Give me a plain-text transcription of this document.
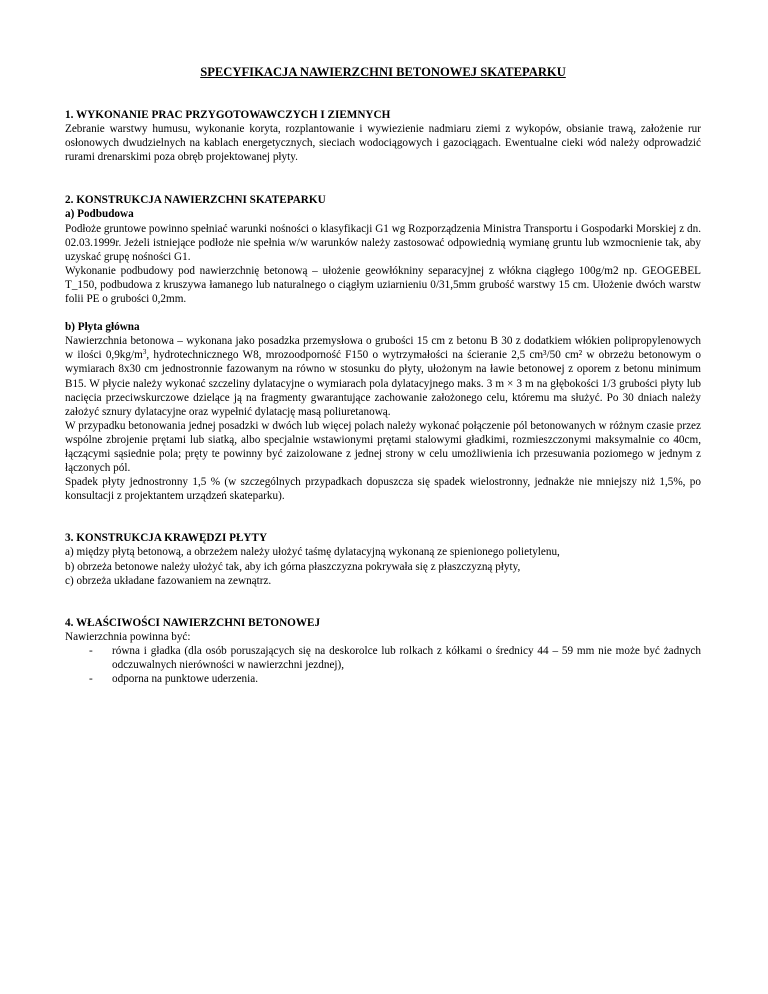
SPECYFIKACJA NAWIERZCHNI BETONOWEJ SKATEPARKU

1. WYKONANIE PRAC PRZYGOTOWAWCZYCH I ZIEMNYCH

Zebranie warstwy humusu, wykonanie koryta, rozplantowanie i wywiezienie nadmiaru ziemi z wykopów, obsianie trawą, założenie rur osłonowych dwudzielnych na kablach energetycznych, sieciach wodociągowych i gazociągach. Ewentualne cieki wód należy odprowadzić rurami drenarskimi poza obręb projektowanej płyty.

2. KONSTRUKCJA NAWIERZCHNI SKATEPARKU

a) Podbudowa

Podłoże gruntowe powinno spełniać warunki nośności o klasyfikacji G1 wg Rozporządzenia Ministra Transportu i Gospodarki Morskiej z dn. 02.03.1999r. Jeżeli istniejące podłoże nie spełnia w/w warunków należy zastosować odpowiednią wymianę gruntu lub wzmocnienie tak, aby uzyskać grupę nośności G1.

Wykonanie podbudowy pod nawierzchnię betonową – ułożenie geowłókniny separacyjnej z włókna ciągłego 100g/m2 np. GEOGEBEL T_150, podbudowa z kruszywa łamanego lub naturalnego o ciągłym uziarnieniu 0/31,5mm grubość warstwy 15 cm. Ułożenie dwóch warstw folii PE o grubości 0,2mm.

b) Płyta główna

Nawierzchnia betonowa – wykonana jako posadzka przemysłowa o grubości 15 cm z betonu B 30 z dodatkiem włókien polipropylenowych w ilości $0,9kg/m^3$, hydrotechnicznego W8, mrozoodporność F150 o wytrzymałości na ścieranie 2,5 cm³/50 cm² w obrzeżu betonowym o wymiarach 8x30 cm jednostronnie fazowanym na równo w stosunku do płyty, ułożonym na ławie betonowej z oporem z betonu minimum B15. W płycie należy wykonać szczeliny dylatacyjne o wymiarach pola dylatacyjnego maks. 3 m × 3 m na głębokości 1/3 grubości płyty lub nacięcia przeciwskurczowe dzielące ją na fragmenty gwarantujące zachowanie założonego celu, któremu ma służyć. Po 30 dniach należy założyć sznury dylatacyjne oraz wypełnić dylatację masą poliuretanową.

W przypadku betonowania jednej posadzki w dwóch lub więcej polach należy wykonać połączenie pól betonowanych w różnym czasie przez wspólne zbrojenie prętami lub siatką, albo specjalnie wstawionymi prętami stalowymi gładkimi, rozmieszczonymi maksymalnie co 40cm, łączącymi sąsiednie pola; pręty te powinny być zaizolowane z jednej strony w celu umożliwienia ich przesuwania poziomego w jednym z łączonych pól.

Spadek płyty jednostronny 1,5 % (w szczególnych przypadkach dopuszcza się spadek wielostronny, jednakże nie mniejszy niż 1,5%, po konsultacji z projektantem urządzeń skateparku).

3. KONSTRUKCJA KRAWĘDZI PŁYTY

a) między płytą betonową, a obrzeżem należy ułożyć taśmę dylatacyjną wykonaną ze spienionego polietylenu,

b) obrzeża betonowe należy ułożyć tak, aby ich górna płaszczyzna pokrywała się z płaszczyzną płyty,

c) obrzeża układane fazowaniem na zewnątrz.

4. WŁAŚCIWOŚCI NAWIERZCHNI BETONOWEJ

Nawierzchnia powinna być:

- równa i gładka (dla osób poruszających się na deskorolce lub rolkach z kółkami o średnicy 44 – 59 mm nie może być żadnych odczuwalnych nierówności w nawierzchni jezdnej),
- odporna na punktowe uderzenia.
